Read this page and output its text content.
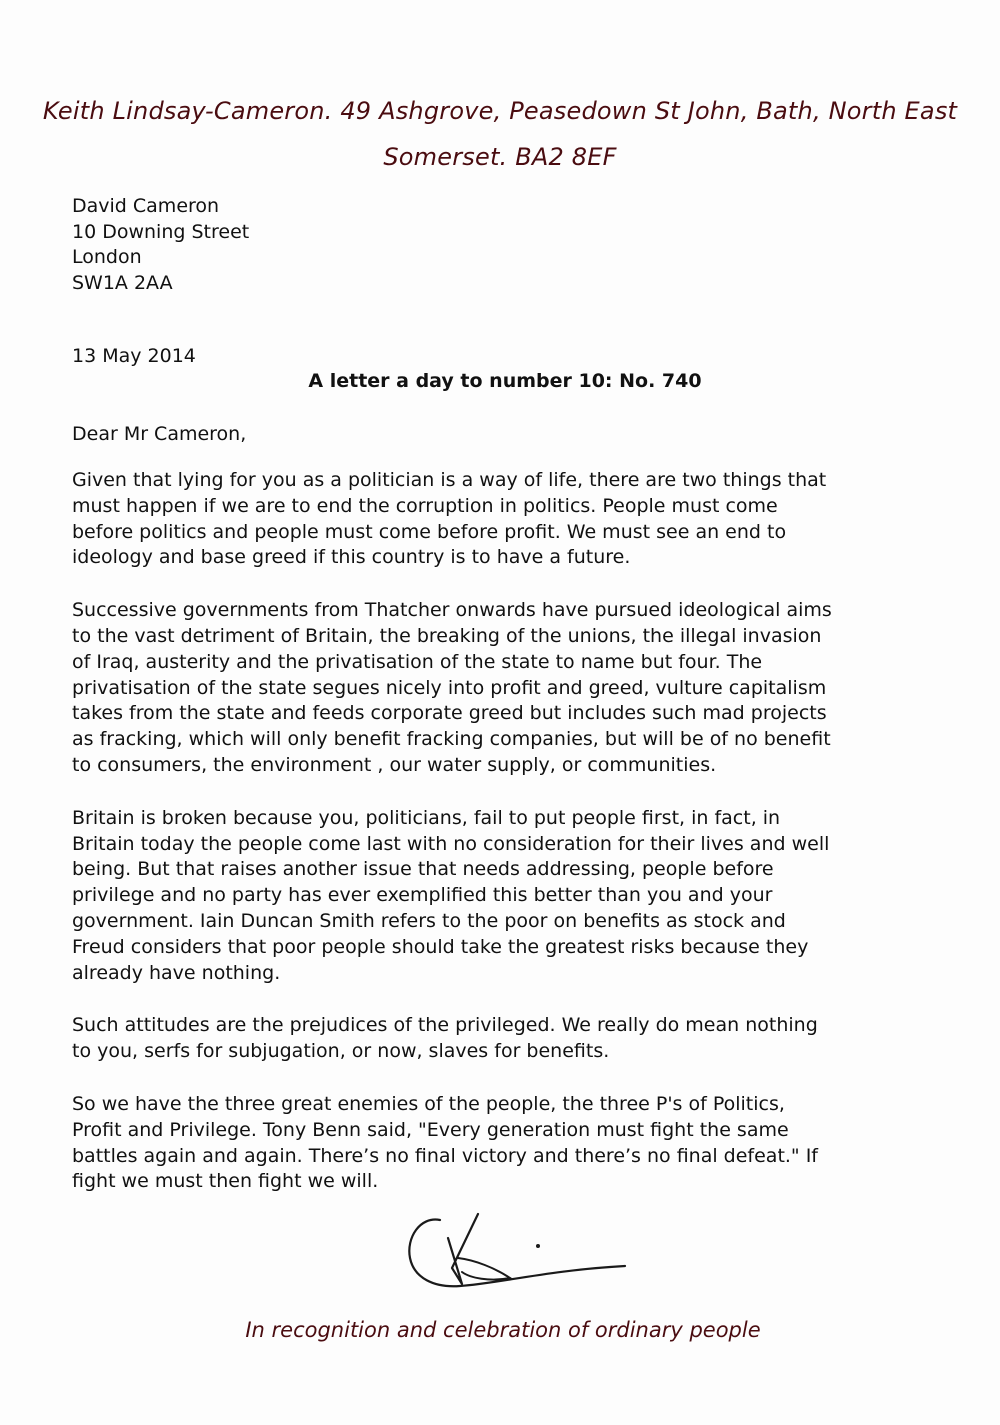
Keith Lindsay-Cameron. 49 Ashgrove, Peasedown St John, Bath, North East
Somerset. BA2 8EF
David Cameron
10 Downing Street
London
SW1A 2AA
13 May 2014
A letter a day to number 10: No. 740
Dear Mr Cameron,
Given that lying for you as a politician is a way of life, there are two things that
must happen if we are to end the corruption in politics. People must come
before politics and people must come before profit. We must see an end to
ideology and base greed if this country is to have a future.
Successive governments from Thatcher onwards have pursued ideological aims
to the vast detriment of Britain, the breaking of the unions, the illegal invasion
of Iraq, austerity and the privatisation of the state to name but four. The
privatisation of the state segues nicely into profit and greed, vulture capitalism
takes from the state and feeds corporate greed but includes such mad projects
as fracking, which will only benefit fracking companies, but will be of no benefit
to consumers, the environment , our water supply, or communities.
Britain is broken because you, politicians, fail to put people first, in fact, in
Britain today the people come last with no consideration for their lives and well
being. But that raises another issue that needs addressing, people before
privilege and no party has ever exemplified this better than you and your
government. Iain Duncan Smith refers to the poor on benefits as stock and
Freud considers that poor people should take the greatest risks because they
already have nothing.
Such attitudes are the prejudices of the privileged. We really do mean nothing
to you, serfs for subjugation, or now, slaves for benefits.
So we have the three great enemies of the people, the three P's of Politics,
Profit and Privilege. Tony Benn said, "Every generation must fight the same
battles again and again. There’s no final victory and there’s no final defeat." If
fight we must then fight we will.
In recognition and celebration of ordinary people
